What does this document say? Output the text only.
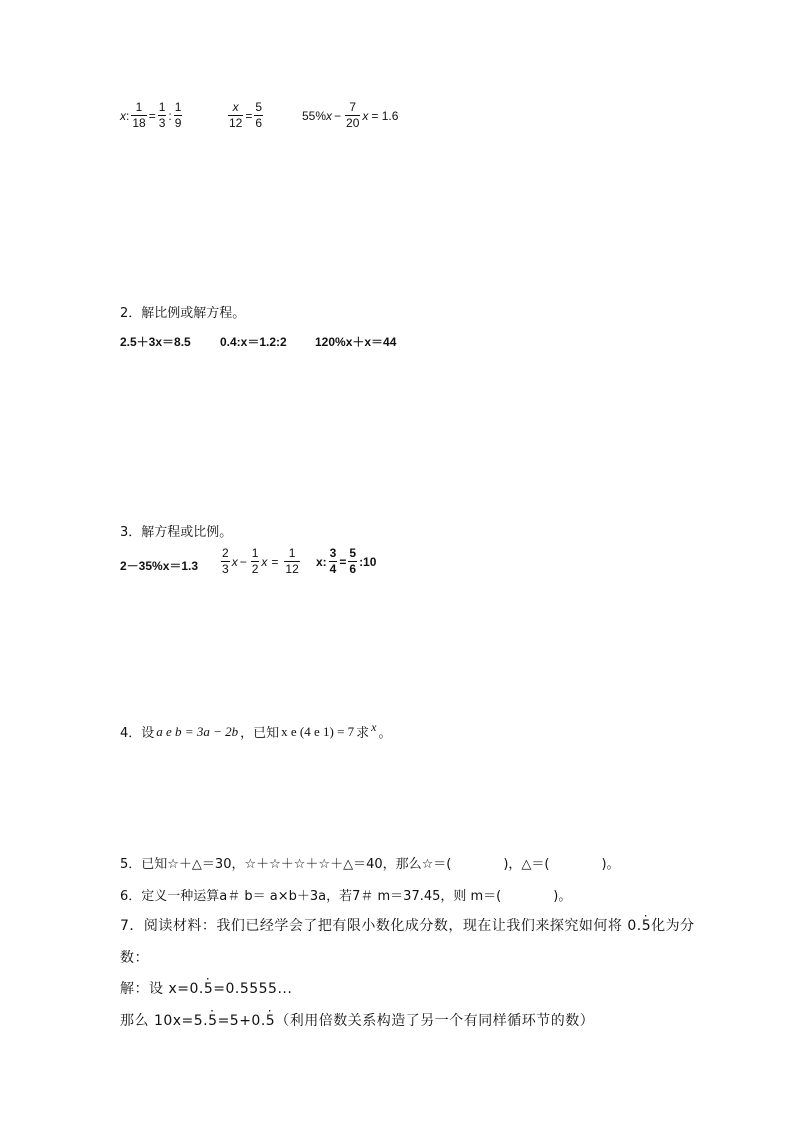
x : $\frac{1}{18} = \frac{1}{3}$ : $\frac{1}{9}$	$\frac{x}{12} = \frac{5}{6}$	55% $x - \frac{7}{20}$ x = 1.6
2．解比例或解方程。
2.5＋3x＝8.5 0.4:x＝1.2:2 120%x＋x＝44
3．解方程或比例。
$2-35\%x=1.3 \frac{2}{3}$ $x - \frac{1}{2}$ $x = \frac{1}{12} x$: $\frac{3}{4} = \frac{5}{6}$ :10
4．设 a e b = 3a − 2b ，已知 x e (4 e 1) = 7 求 x 。
5．已知☆＋△＝30，☆＋☆＋☆＋☆＋△＝40，那么☆＝(　　　　)，△＝(　　　　)。
6．定义一种运算a＃ b＝ a×b＋3a，若7＃ m＝37.45，则 m＝(　　　　)。
7．阅读材料：我们已经学会了把有限小数化成分数，现在让我们来探究如何将 0.· 5化为分
数：
解：设 x=0.· 5=0.5555...
那么 10x=5.· 5=5+0.· 5（利用倍数关系构造了另一个有同样循环节的数）
